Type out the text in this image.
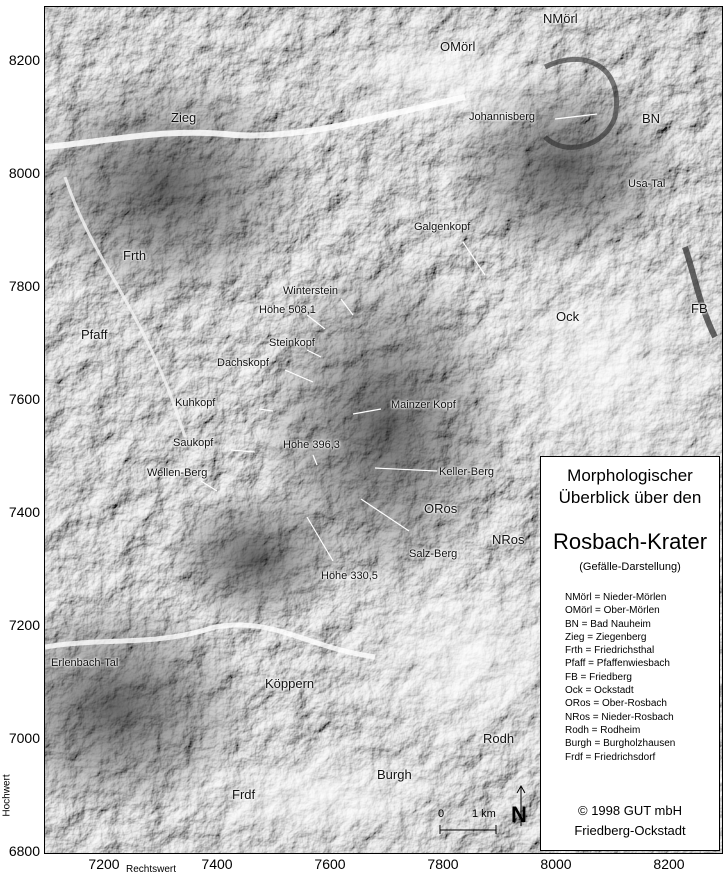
8200
8000
7800
7600
7400
7200
7000
6800
Hochwert
7200	7400	7600	7800	8000	8200
Rechtswert
NMörl
OMörl
BN
Zieg
Usa-Tal
Johannisberg
Galgenkopf
Frth
Winterstein
Höhe 508,1
Pfaff
Steinkopf
Dachskopf
Ock
FB
Kuhkopf	Mainzer Kopf
Saukopf	Höhe 396,3
Keller-Berg
Wellen-Berg
ORos
Salz-Berg
NRos
Höhe 330,5
Erlenbach-Tal
Köppern
Rodh
Burgh
Frdf
0	1 km N
Morphologischer
Überblick über den
Rosbach-Krater
(Gefälle-Darstellung)
NMörl = Nieder-Mörlen
OMörl = Ober-Mörlen
BN = Bad Nauheim
Zieg = Ziegenberg
Frth = Friedrichsthal
Pfaff = Pfaffenwiesbach
FB = Friedberg
Ock = Ockstadt
ORos = Ober-Rosbach
NRos = Nieder-Rosbach
Rodh = Rodheim
Burgh = Burgholzhausen
Frdf = Friedrichsdorf
© 1998 GUT mbH
Friedberg-Ockstadt
